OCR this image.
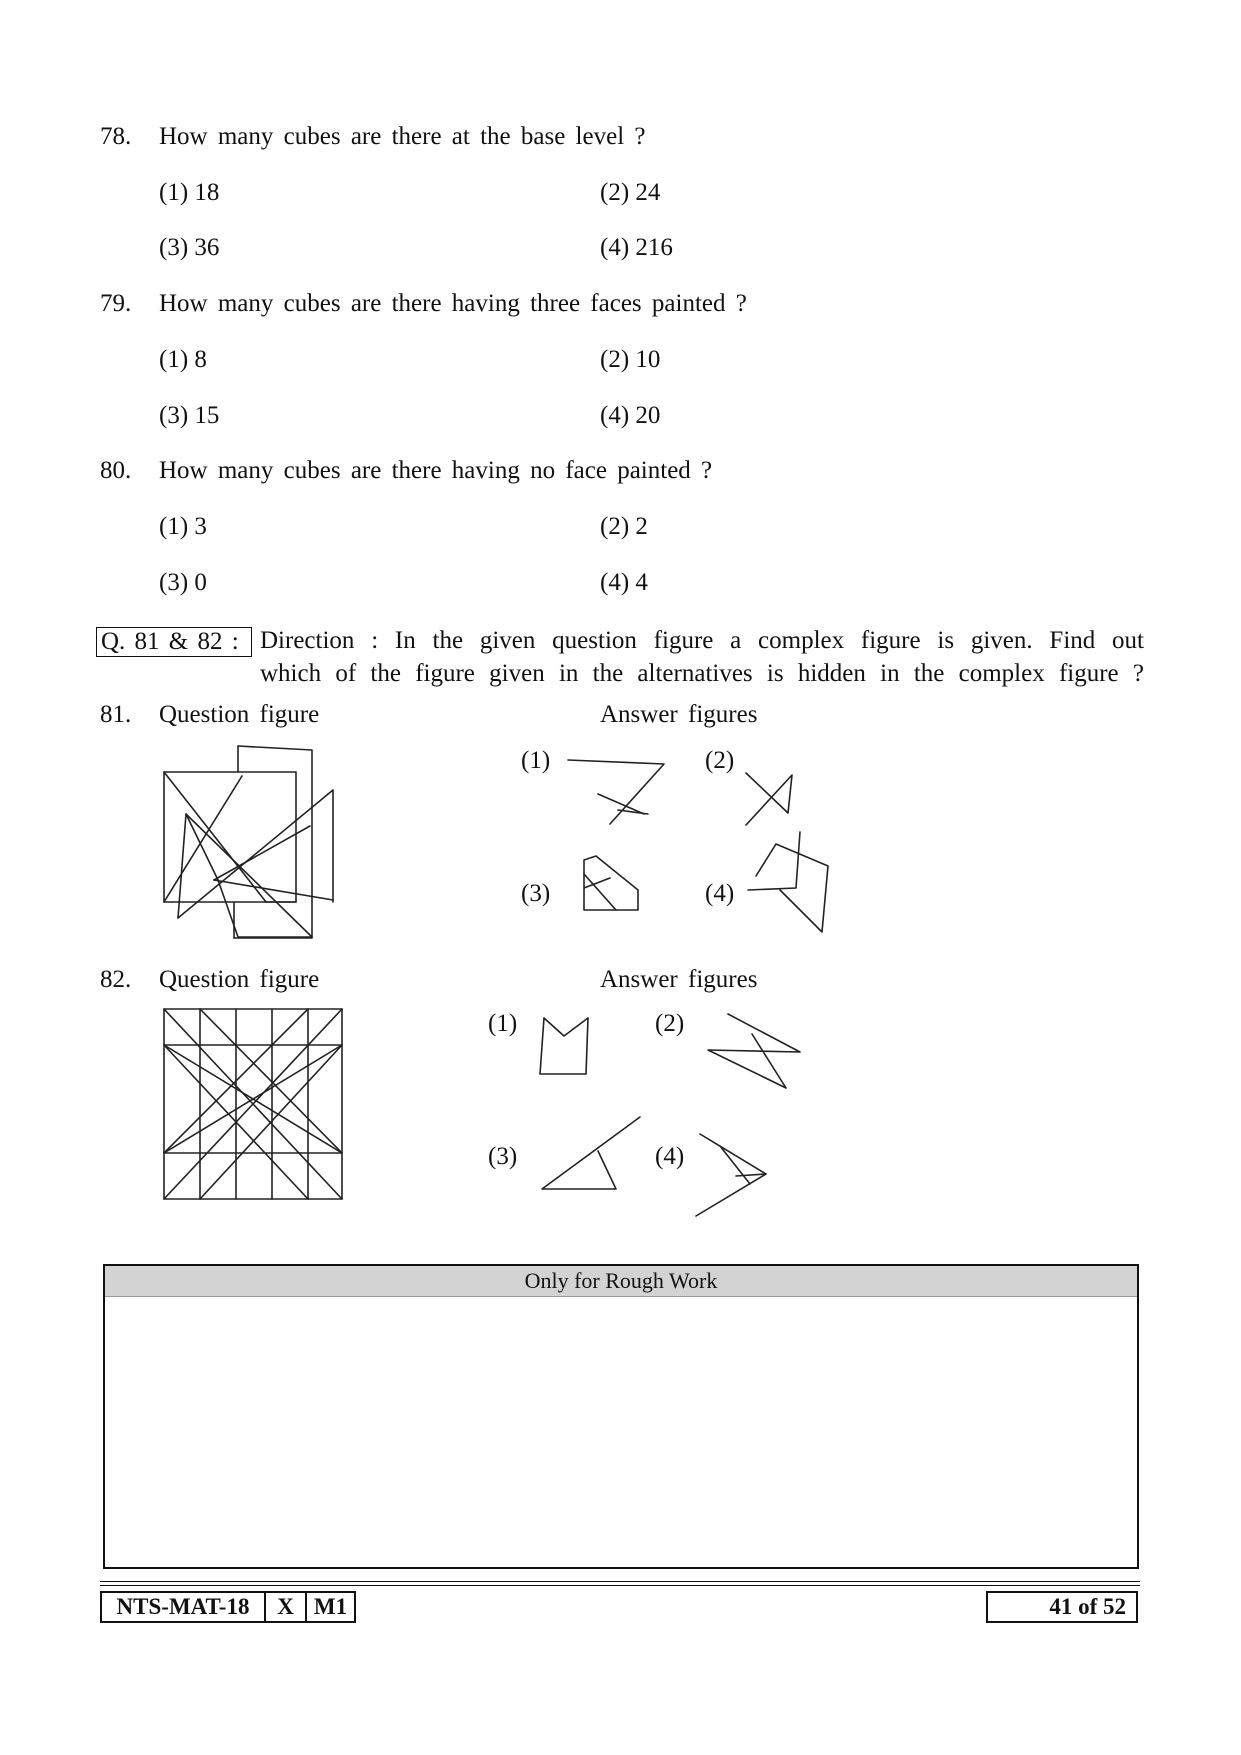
78. How many cubes are there at the base level ?
(1) 18	(2) 24
(3) 36	(4) 216
79. How many cubes are there having three faces painted ?
(1) 8	(2) 10
(3) 15	(4) 20
80. How many cubes are there having no face painted ?
(1) 3	(2) 2
(3) 0	(4) 4
Q. 81 & 82 : Direction : In the given question figure a complex figure is given. Find out
which of the figure given in the alternatives is hidden in the complex figure ?
81. Question figure	Answer figures
(1)	(2)
(3)	(4)
82. Question figure	Answer figures
(1)	(2)
(3)	(4)
Only for Rough Work
NTS-MAT-18	X M1	41 of 52
